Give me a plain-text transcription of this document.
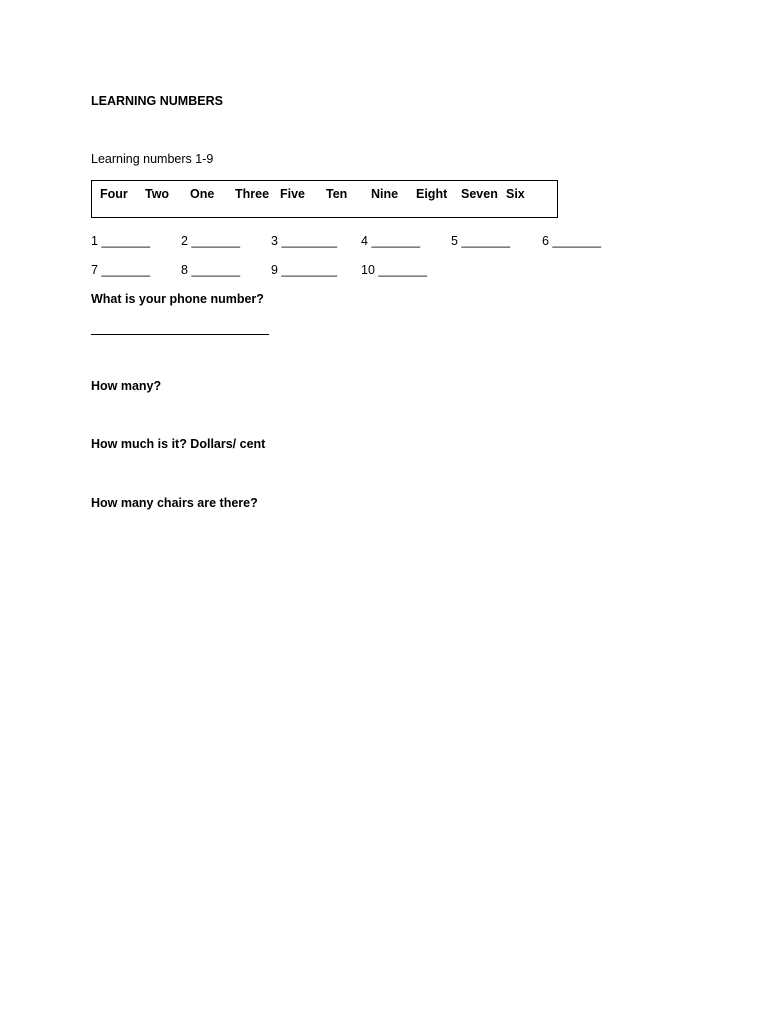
LEARNING NUMBERS
Learning numbers 1-9
Four Two One Three Five Ten Nine Eight Seven Six
1 _______ 2 _______ 3 ________ 4 _______ 5 _______	6 _______
7 _______ 8 _______ 9 ________ 10 _______
What is your phone number?
How many?
How much is it? Dollars/ cent
How many chairs are there?
